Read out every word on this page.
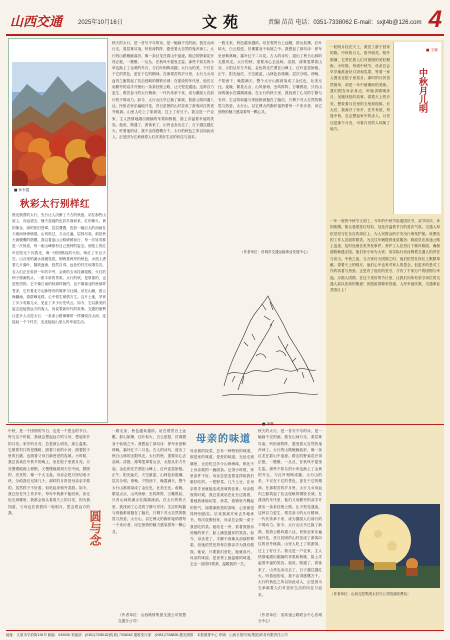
山西交通	2025年10月16日	文苑	责编 苗苗 电话：0351-7338062 E-mail：sxjt4b@126.com 4
■ 孙东霞
秋彩太行别样红
晨光微熹的太行，先行让人沉醉了千古的秋意。站在那些山崖上，向远望去，铺天盖地的色彩扑面而来，红的像火，黄的像金，绿的依旧苍翠，层层叠叠，犹如一幅巨大的油画在天地间徐徐铺展。山风吹过，万山红遍，层林尽染，那是秋天最慷慨的馈赠。我沿着盘山公路缓缓前行，每一次转弯都是一次惊喜，每一座山峰都有自己独特的姿态。崖壁上的红叶在阳光下闪着光，像一团团燃烧的火焰，映红了半边天空。山谷里的溪水清澈见底，倒映着两岸的秋色，水面上漂着几片落叶，随波逐流，悠然自得。远处的村庄炊烟袅袅，农人们正在收获一年的辛劳，金黄的玉米挂满屋檐，火红的柿子缀满枝头，一派丰收的景象。太行的秋，是厚重的，也是热烈的。它不像江南的秋那样婉约，也不像塞北的秋那样苍凉，它有着北方山脉特有的雄浑与壮阔。站在山巅，看云海翻涌，看群峰连绵，心中顿生豪情万丈。这片土地，孕育了多少英雄儿女，见证了多少历史风云。如今，它以最美的姿态迎接着远方的客人，诉说着新时代的故事。交通的便利让更多人走进太行，一条条公路像飘带一样缠绕在山间，连接起一个个村庄，也连接起山里人的幸福生活。
秋天的太行，是一首写不尽的诗，是一幅画不完的画。我在山间行走，看层林尽染，听松涛阵阵，感受着大自然的鬼斧神工。太行的山路蜿蜒曲折，像一条巨龙在群山中盘旋。路边的野菊花开得正艳，一簇簇，一丛丛，在秋风中摇曳生姿。那些不知名的小草也换上了金黄的外衣，与红叶相映成趣。太行山的美，不仅在于它的景色，更在于它的精神。在那艰苦的岁月里，太行儿女用血肉之躯筑起了抗击侵略的钢铁长城；在建设的年代里，他们又用勤劳的双手开凿出一条条挂壁公路，让天堑变通途。这种自力更生、艰苦奋斗的太行精神，一代代传承下来，成为激励人们前行的不竭动力。如今，太行山区早已换了新颜，旅游公路四通八达，民宿农家乐遍地开花，昔日贫困的山村变成了游客向往的世外桃源。山里人吃上了旅游饭，过上了好日子。我走进一户农家，主人热情地端出刚摘的苹果和核桃，脸上洋溢着幸福的笑容。他说，路通了，游客来了，山货也卖出去了，日子越过越红火。听着他的话，我不由得感慨万千。太行的秋色之所以如此动人，正是因为它承载着人们对美好生活的向往与追求。
一路走来，秋色越来越浓。站在观景台上远眺，群山如黛，红叶似火，白云悠悠，仿佛置身于仙境之中。我想起了那句诗：停车坐爱枫林晚，霜叶红于二月花。古人的诗句，道出了秋日山林的无限风光。太行的秋，需要用心去品味。清晨，薄雾笼罩着山谷，太阳从东方升起，金色的光芒洒在山峰上，红叶更显娇艳。正午，阳光灿烂，天空湛蓝，山林色彩斑斓，层次分明。傍晚，夕阳西下，晚霞满天，整个太行山都被染成了金红色，壮美无比。夜晚，繁星点点，山风徐徐，虫鸣阵阵，万籁俱寂，只有山间的溪水在潺潺流淌。在太行的秋天里，我找到了心灵的宁静与安详。生活的喧嚣与烦恼都被抛在了脑后，只剩下对大自然的敬畏与热爱。太行山，以它博大的胸怀接纳着每一个来访者，用它独特的魅力感染着每一颗心灵。
（作者单位：晋城市交通运输事业发展中心）
一轮明月挂在天上，照亮了游子回家的路。中秋的月儿，格外明亮，格外圆满，它寄托着人们对团圆的美好期盼。小时候，每到中秋节，母亲总会早早地准备好月饼和瓜果，等着一家人围坐在院子里赏月。那时的月饼虽然简单，却是一年中最期盼的美味。我们围在母亲身边，听她讲嫦娥奔月、吴刚伐桂的故事，看着天上的月亮，想象着月宫里的玉兔和桂树。长大后，我离开了家乡，在外奔波，每逢中秋，总会想起家中的亲人。月亮还是那个月亮，可看月亮的人却换了地方。
■ 王晓
中秋月儿明
一年一度的中秋节又到了，今年的中秋节恰逢国庆节，双节同庆，举国欢腾。街头巷尾张灯结彩，处处洋溢着节日的喜庆气氛。交通人却依旧坚守在各自的岗位上，为人民群众的平安出行保驾护航。收费站的工作人员面带微笑，为过往车辆提供优质服务；路政员在高速公路上巡查，及时处理各类突发事件；养护工人在烈日下修补路面，确保道路畅通无阻。他们舍小家为大家，用实际行动诠释着交通人的责任与担当。中秋之夜，当万家灯火团圆之时，他们依然在岗位上默默奉献。望着天上的明月，他们心中也有对家人的思念，但更多的是对工作的执着与热爱。正是有了他们的坚守，才有了千家万户的团圆与幸福。月圆人团圆，在这个美好的节日里，让我们向所有坚守岗位的交通人致以崇高的敬意！祝愿祖国繁荣昌盛，人民幸福安康，交通事业蒸蒸日上！
（作者单位：山西交控集团太旧分公司阳曲收费站）
中秋，是一个团圆的节日，也是一个思念的节日。每当这个时候，我就会想起远方的父母，想起家乡的月亮。家乡的月亮，总是那么明亮，那么温柔。它照着村口的老槐树，照着门前的小河，照着院子里的石磨，也照着父母日渐苍老的容颜。小时候，我总喜欢在中秋节的晚上，坐在院子里看月亮。月亮慢慢地爬上树梢，又慢慢地爬到天空中间，圆圆的、亮亮的，像一个大玉盘。母亲会把月饼切成小块，分给我们兄妹几个。那时的月饼是母亲亲手做的，虽然样子不好看，但吃起来格外香甜。如今，我已经在外工作多年，每年中秋都不能回家。但无论走到哪里，我都会抬头看看天上的月亮，因为我知道，父母也在看着同一轮明月，思念着远方的我。	圆与念
一路走来，秋色越来越浓。站在观景台上远眺，群山如黛，红叶似火，白云悠悠，仿佛置身于仙境之中。我想起了那句诗：停车坐爱枫林晚，霜叶红于二月花。古人的诗句，道出了秋日山林的无限风光。太行的秋，需要用心去品味。清晨，薄雾笼罩着山谷，太阳从东方升起，金色的光芒洒在山峰上，红叶更显娇艳。正午，阳光灿烂，天空湛蓝，山林色彩斑斓，层次分明。傍晚，夕阳西下，晚霞满天，整个太行山都被染成了金红色，壮美无比。夜晚，繁星点点，山风徐徐，虫鸣阵阵，万籁俱寂，只有山间的溪水在潺潺流淌。在太行的秋天里，我找到了心灵的宁静与安详。生活的喧嚣与烦恼都被抛在了脑后，只剩下对大自然的敬畏与热爱。太行山，以它博大的胸怀接纳着每一个来访者，用它独特的魅力感染着每一颗心灵。
（作者单位：山西路桥集团交建公司智慧交通分公司）
■ 李琳
母亲的味道
母亲做的饭菜，总有一种特别的味道，那是家的味道，是爱的味道。无论走到哪里，无论吃过多少山珍海味，都比不上母亲做的一碗面条。记得小时候，家里条件不好，母亲总是变着花样给我们做好吃的。一把野菜，几个土豆，在母亲的手里就能变成美味的佳肴。母亲做饭的时候，我总喜欢站在灶台边看着，看她熟练地切菜、炒菜，看锅里升腾起的热气，闻着那熟悉的香味，心里就觉得特别踏实。后来我离开家去外地读书，每次放假回家，母亲总会做一桌子我爱吃的菜。她站在一旁，看着我狼吞虎咽的样子，脸上满是慈祥的笑容。如今，母亲老了，手脚不再像从前那样利索，但她依然坚持每次都亲手为我们做饭。她说，只要我们爱吃，她就高兴。母亲的味道，是世界上最温暖的味道，它会一直陪伴着我，温暖我的一生。
秋天的太行，是一首写不尽的诗，是一幅画不完的画。我在山间行走，看层林尽染，听松涛阵阵，感受着大自然的鬼斧神工。太行的山路蜿蜒曲折，像一条巨龙在群山中盘旋。路边的野菊花开得正艳，一簇簇，一丛丛，在秋风中摇曳生姿。那些不知名的小草也换上了金黄的外衣，与红叶相映成趣。太行山的美，不仅在于它的景色，更在于它的精神。在那艰苦的岁月里，太行儿女用血肉之躯筑起了抗击侵略的钢铁长城；在建设的年代里，他们又用勤劳的双手开凿出一条条挂壁公路，让天堑变通途。这种自力更生、艰苦奋斗的太行精神，一代代传承下来，成为激励人们前行的不竭动力。如今，太行山区早已换了新颜，旅游公路四通八达，民宿农家乐遍地开花，昔日贫困的山村变成了游客向往的世外桃源。山里人吃上了旅游饭，过上了好日子。我走进一户农家，主人热情地端出刚摘的苹果和核桃，脸上洋溢着幸福的笑容。他说，路通了，游客来了，山货也卖出去了，日子越过越红火。听着他的话，我不由得感慨万千。太行的秋色之所以如此动人，正是因为它承载着人们对美好生活的向往与追求。
（作者单位：省高速公路联合中心晋城分中心）
地址：太原市学府街126号 邮编：030006 采编部：(0351)7338182(传真) 7338062 通联发行部：(0351)7338835 激光照排：本报照排中心 印刷：山西日报印务(集团)印务有限责任公司
